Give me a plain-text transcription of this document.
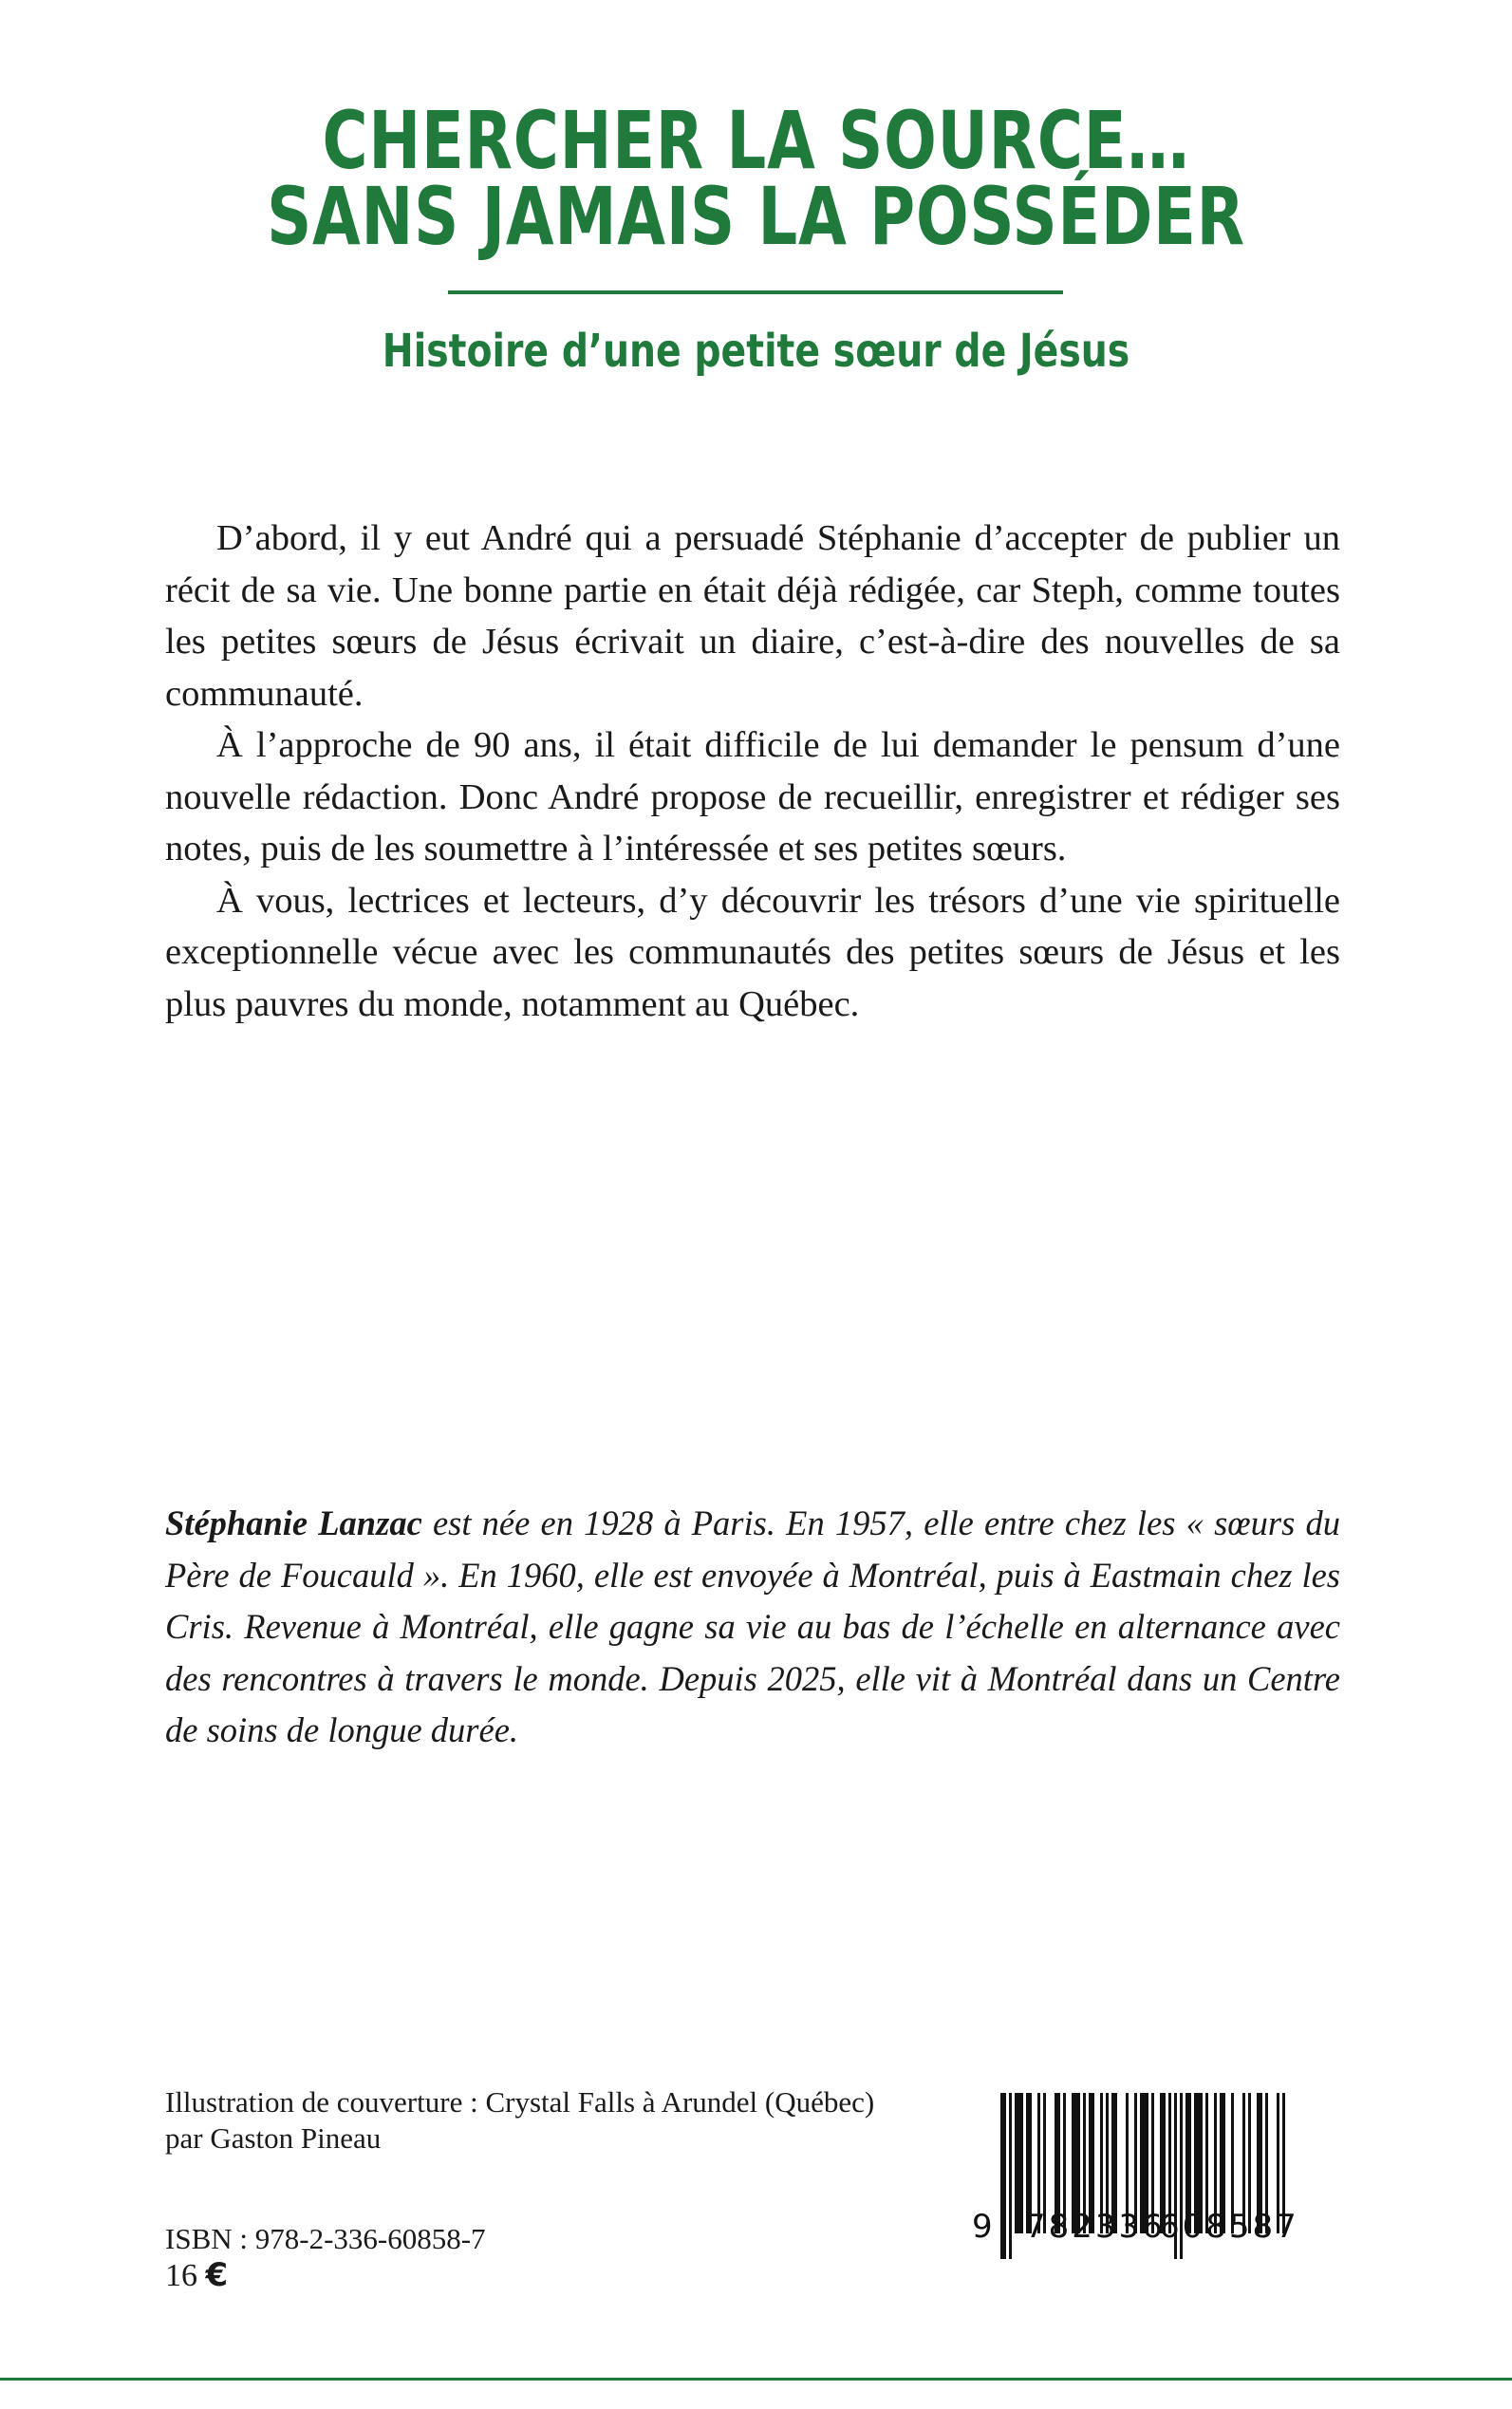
CHERCHER LA SOURCE…
SANS JAMAIS LA POSSÉDER
Histoire d’une petite sœur de Jésus

D’abord, il y eut André qui a persuadé Stéphanie d’accepter de publier un récit de sa vie. Une bonne partie en était déjà rédigée, car Steph, comme toutes les petites sœurs de Jésus écrivait un diaire, c’est-à-dire des nouvelles de sa communauté.

À l’approche de 90 ans, il était difficile de lui demander le pensum d’une nouvelle rédaction. Donc André propose de recueillir, enregistrer et rédiger ses notes, puis de les soumettre à l’intéressée et ses petites sœurs.

À vous, lectrices et lecteurs, d’y découvrir les trésors d’une vie spirituelle exceptionnelle vécue avec les communautés des petites sœurs de Jésus et les plus pauvres du monde, notamment au Québec.

Stéphanie Lanzac est née en 1928 à Paris. En 1957, elle entre chez les « sœurs du Père de Foucauld ». En 1960, elle est envoyée à Montréal, puis à Eastmain chez les Cris. Revenue à Montréal, elle gagne sa vie au bas de l’échelle en alternance avec des rencontres à travers le monde. Depuis 2025, elle vit à Montréal dans un Centre de soins de longue durée.
Illustration de couverture : Crystal Falls à Arundel (Québec)
par Gaston Pineau
ISBN : 978-2-336-60858-7
16 €
9 782336
608587
